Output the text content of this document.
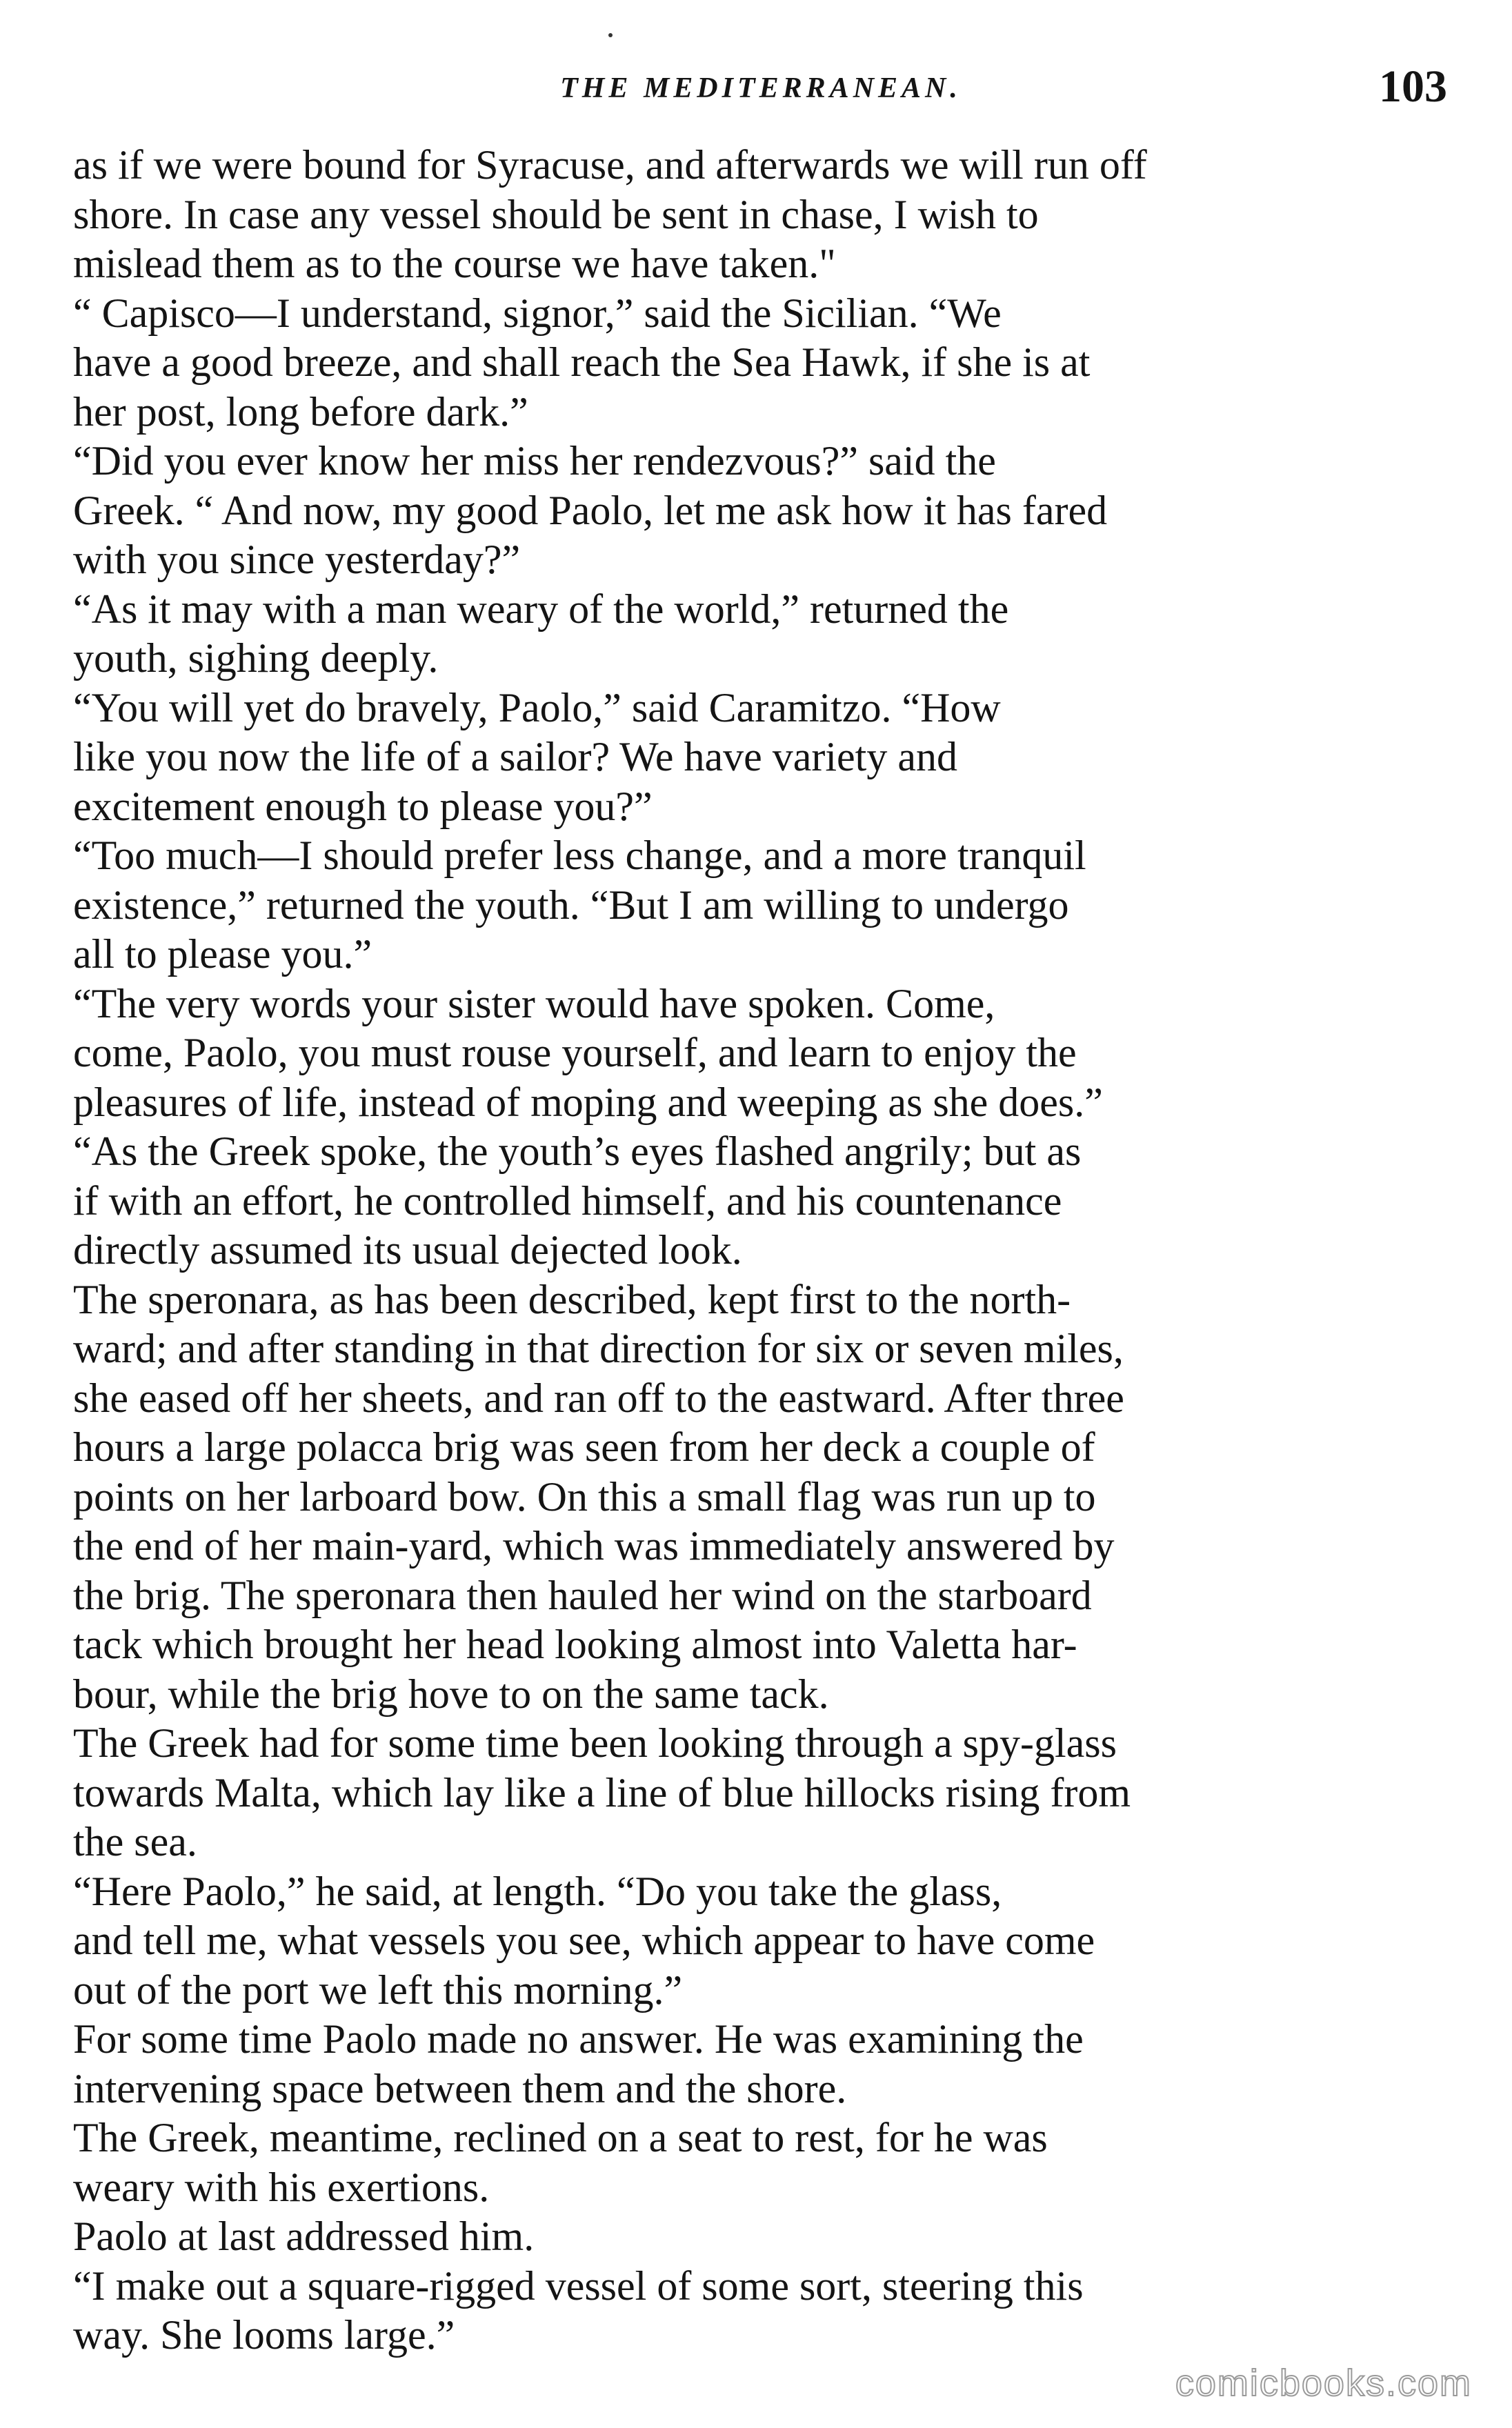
THE MEDITERRANEAN.	103
as if we were bound for Syracuse, and afterwards we will run off
shore. In case any vessel should be sent in chase, I wish to
mislead them as to the course we have taken."
“ Capisco—I understand, signor,” said the Sicilian. “We
have a good breeze, and shall reach the Sea Hawk, if she is at
her post, long before dark.”
“Did you ever know her miss her rendezvous?” said the
Greek. “ And now, my good Paolo, let me ask how it has fared
with you since yesterday?”
“As it may with a man weary of the world,” returned the
youth, sighing deeply.
“You will yet do bravely, Paolo,” said Caramitzo. “How
like you now the life of a sailor? We have variety and
excitement enough to please you?”
“Too much—I should prefer less change, and a more tranquil
existence,” returned the youth. “But I am willing to undergo
all to please you.”
“The very words your sister would have spoken. Come,
come, Paolo, you must rouse yourself, and learn to enjoy the
pleasures of life, instead of moping and weeping as she does.”
“As the Greek spoke, the youth’s eyes flashed angrily; but as
if with an effort, he controlled himself, and his countenance
directly assumed its usual dejected look.
The speronara, as has been described, kept first to the north-
ward; and after standing in that direction for six or seven miles,
she eased off her sheets, and ran off to the eastward. After three
hours a large polacca brig was seen from her deck a couple of
points on her larboard bow. On this a small flag was run up to
the end of her main-yard, which was immediately answered by
the brig. The speronara then hauled her wind on the starboard
tack which brought her head looking almost into Valetta har-
bour, while the brig hove to on the same tack.
The Greek had for some time been looking through a spy-glass
towards Malta, which lay like a line of blue hillocks rising from
the sea.
“Here Paolo,” he said, at length. “Do you take the glass,
and tell me, what vessels you see, which appear to have come
out of the port we left this morning.”
For some time Paolo made no answer. He was examining the
intervening space between them and the shore.
The Greek, meantime, reclined on a seat to rest, for he was
weary with his exertions.
Paolo at last addressed him.
“I make out a square-rigged vessel of some sort, steering this
way. She looms large.”
comicbooks.com
